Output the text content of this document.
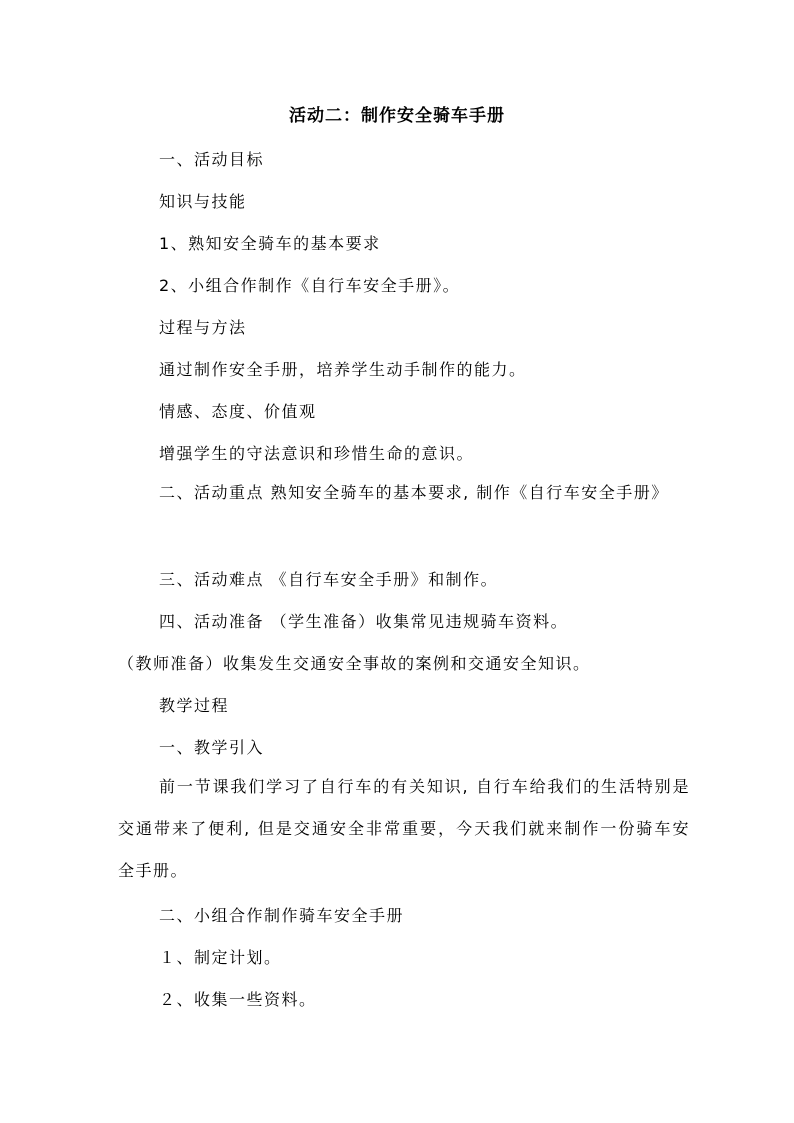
活动二：制作安全骑车手册
一、活动目标
知识与技能
1、熟知安全骑车的基本要求
2、小组合作制作《自行车安全手册》。
过程与方法
通过制作安全手册，培养学生动手制作的能力。
情感、态度、价值观
增强学生的守法意识和珍惜生命的意识。
二、活动重点 熟知安全骑车的基本要求, 制作《自行车安全手册》
三、活动难点 《自行车安全手册》和制作。
四、活动准备 （学生准备）收集常见违规骑车资料。
（教师准备）收集发生交通安全事故的案例和交通安全知识。
教学过程
一、教学引入
前一节课我们学习了自行车的有关知识, 自行车给我们的生活特别是交通带来了便利, 但是交通安全非常重要，今天我们就来制作一份骑车安全手册。
二、小组合作制作骑车安全手册
１、制定计划。
２、收集一些资料。
